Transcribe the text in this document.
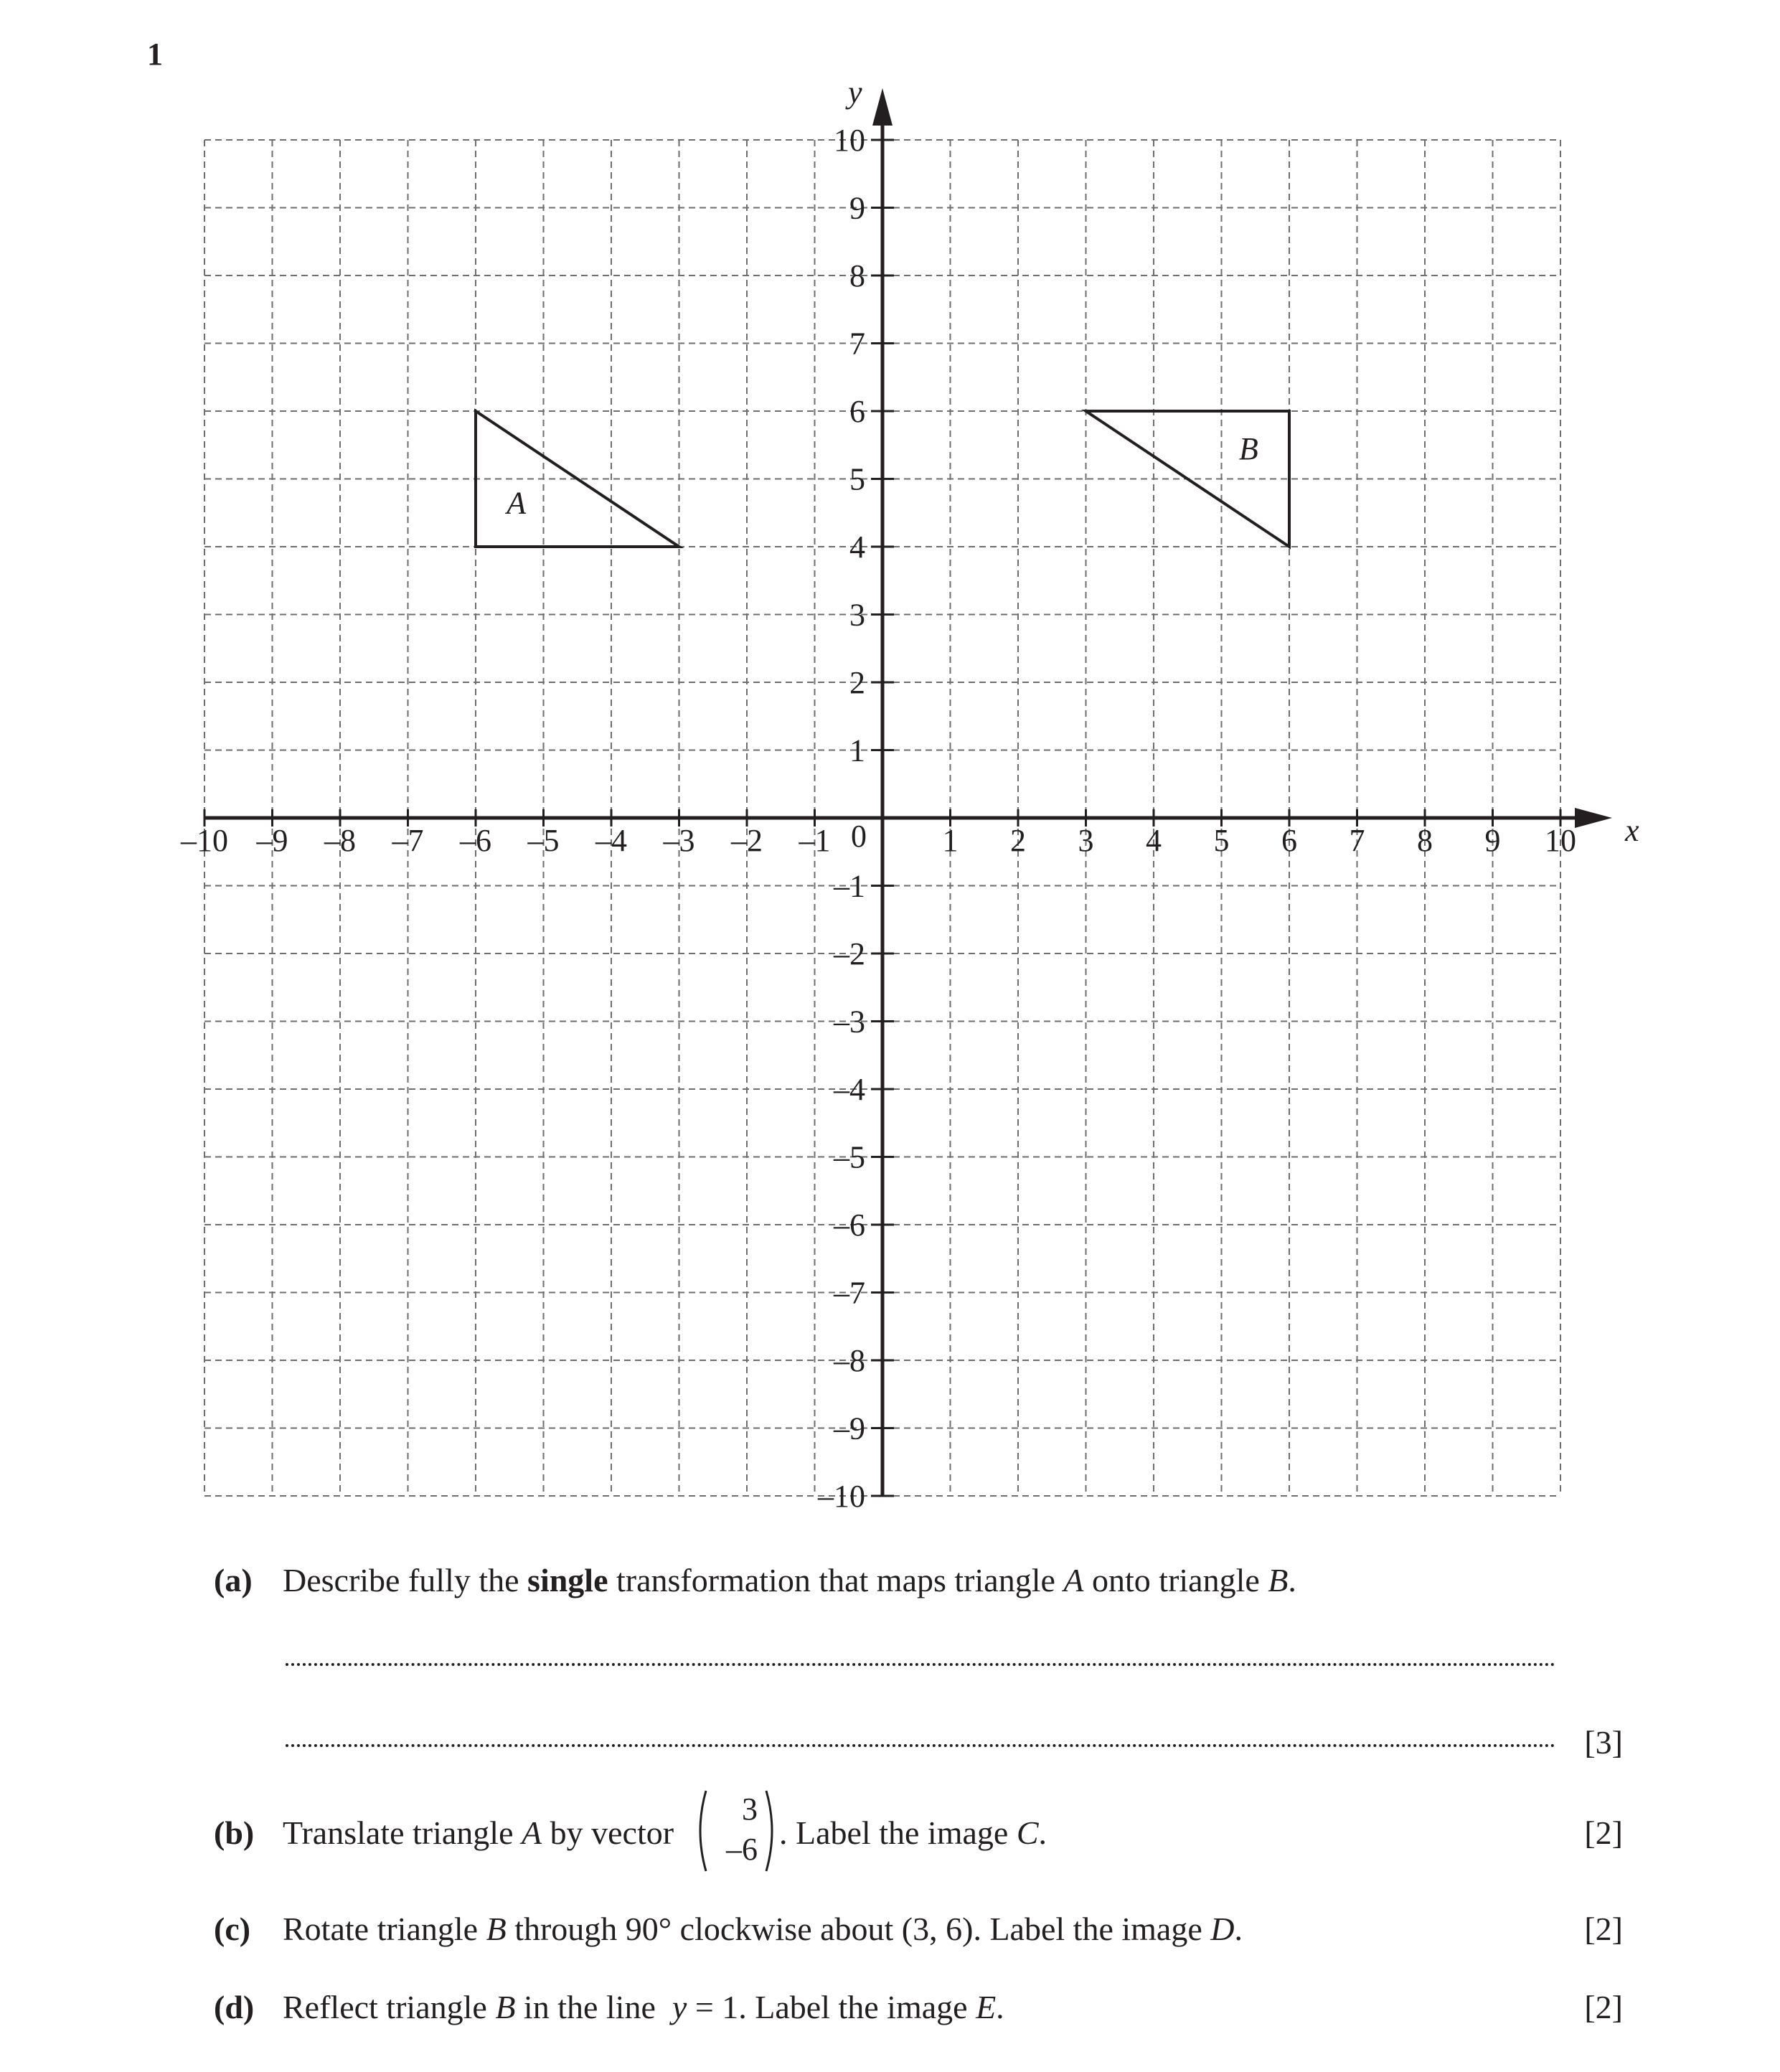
1
x
y
–10 –9 –8 –7 –6 –5 –4 –3 –2 –1	1 2 3 4 5 6 7 8 9 10
–10
–9
–8
–7
–6
–5
–4
–3
–2
–1
1
2
3
4
5
6
7
8
9
10
0
A
B
(a) Describe fully the single transformation that maps triangle A onto triangle B.
[3]
(b) Translate triangle A by vector
3
–6 . Label the image C.	[2]
(c) Rotate triangle B through 90° clockwise about (3, 6). Label the image D.	[2]
(d) Reflect triangle B in the line  y = 1. Label the image E.	[2]
